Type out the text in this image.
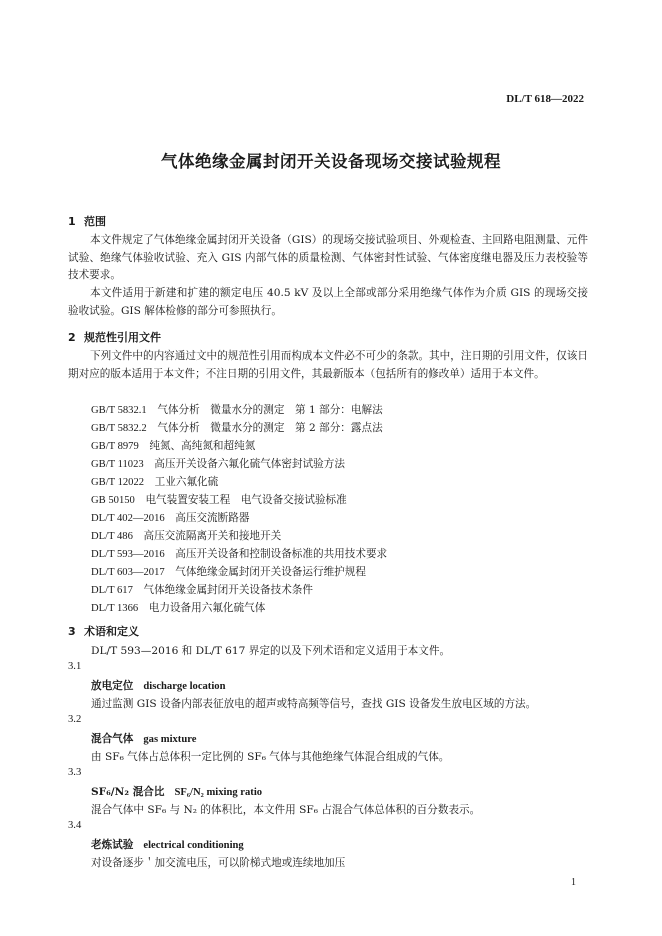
DL/T 618—2022
气体绝缘金属封闭开关设备现场交接试验规程
1 范围
本文件规定了气体绝缘金属封闭开关设备（GIS）的现场交接试验项目、外观检查、主回路电阻测量、元件试验、绝缘气体验收试验、充入 GIS 内部气体的质量检测、气体密封性试验、气体密度继电器及压力表校验等技术要求。
本文件适用于新建和扩建的额定电压 40.5 kV 及以上全部或部分采用绝缘气体作为介质 GIS 的现场交接验收试验。GIS 解体检修的部分可参照执行。
2 规范性引用文件
下列文件中的内容通过文中的规范性引用而构成本文件必不可少的条款。其中，注日期的引用文件，仅该日期对应的版本适用于本文件；不注日期的引用文件，其最新版本（包括所有的修改单）适用于本文件。
GB/T 5832.1　 气体分析　微量水分的测定　第 1 部分：电解法
GB/T 5832.2　 气体分析　微量水分的测定　第 2 部分：露点法
GB/T 8979　 纯氮、高纯氮和超纯氮
GB/T 11023　 高压开关设备六氟化硫气体密封试验方法
GB/T 12022　 工业六氟化硫
GB 50150　 电气装置安装工程　电气设备交接试验标准
DL/T 402—2016　 高压交流断路器
DL/T 486　 高压交流隔离开关和接地开关
DL/T 593—2016　 高压开关设备和控制设备标准的共用技术要求
DL/T 603—2017　 气体绝缘金属封闭开关设备运行维护规程
DL/T 617　 气体绝缘金属封闭开关设备技术条件
DL/T 1366　 电力设备用六氟化硫气体
3 术语和定义
DL/T 593—2016 和 DL/T 617 界定的以及下列术语和定义适用于本文件。
3.1
放电定位 discharge location
通过监测 GIS 设备内部表征放电的超声或特高频等信号，查找 GIS 设备发生放电区域的方法。
3.2
混合气体 gas mixture
由 SF₆ 气体占总体积一定比例的 SF₆ 气体与其他绝缘气体混合组成的气体。
3.3
SF₆/N₂ 混合比 SF₆/N₂ mixing ratio
混合气体中 SF₆ 与 N₂ 的体积比，本文件用 SF₆ 占混合气体总体积的百分数表示。
3.4
老炼试验 electrical conditioning
对设备逐步＇加交流电压，可以阶梯式地或连续地加压
1
